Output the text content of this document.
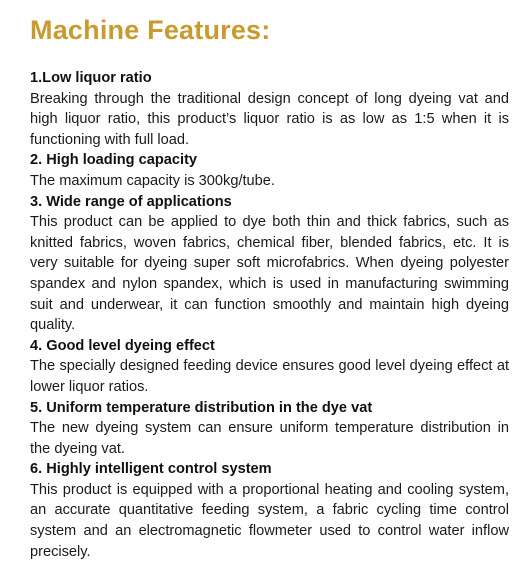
Machine Features:

1.Low liquor ratio

Breaking through the traditional design concept of long dyeing vat and high liquor ratio, this product’s liquor ratio is as low as 1:5 when it is functioning with full load.

2. High loading capacity

The maximum capacity is 300kg/tube.

3. Wide range of applications

This product can be applied to dye both thin and thick fabrics, such as knitted fabrics, woven fabrics, chemical fiber, blended fabrics, etc. It is very suitable for dyeing super soft microfabrics. When dyeing polyester spandex and nylon spandex, which is used in manufacturing swimming suit and underwear, it can function smoothly and maintain high dyeing quality.

4. Good level dyeing effect

The specially designed feeding device ensures good level dyeing effect at lower liquor ratios.

5. Uniform temperature distribution in the dye vat

The new dyeing system can ensure uniform temperature distribution in the dyeing vat.

6. Highly intelligent control system

This product is equipped with a proportional heating and cooling system, an accurate quantitative feeding system, a fabric cycling time control system and an electromagnetic flowmeter used to control water inflow precisely.
